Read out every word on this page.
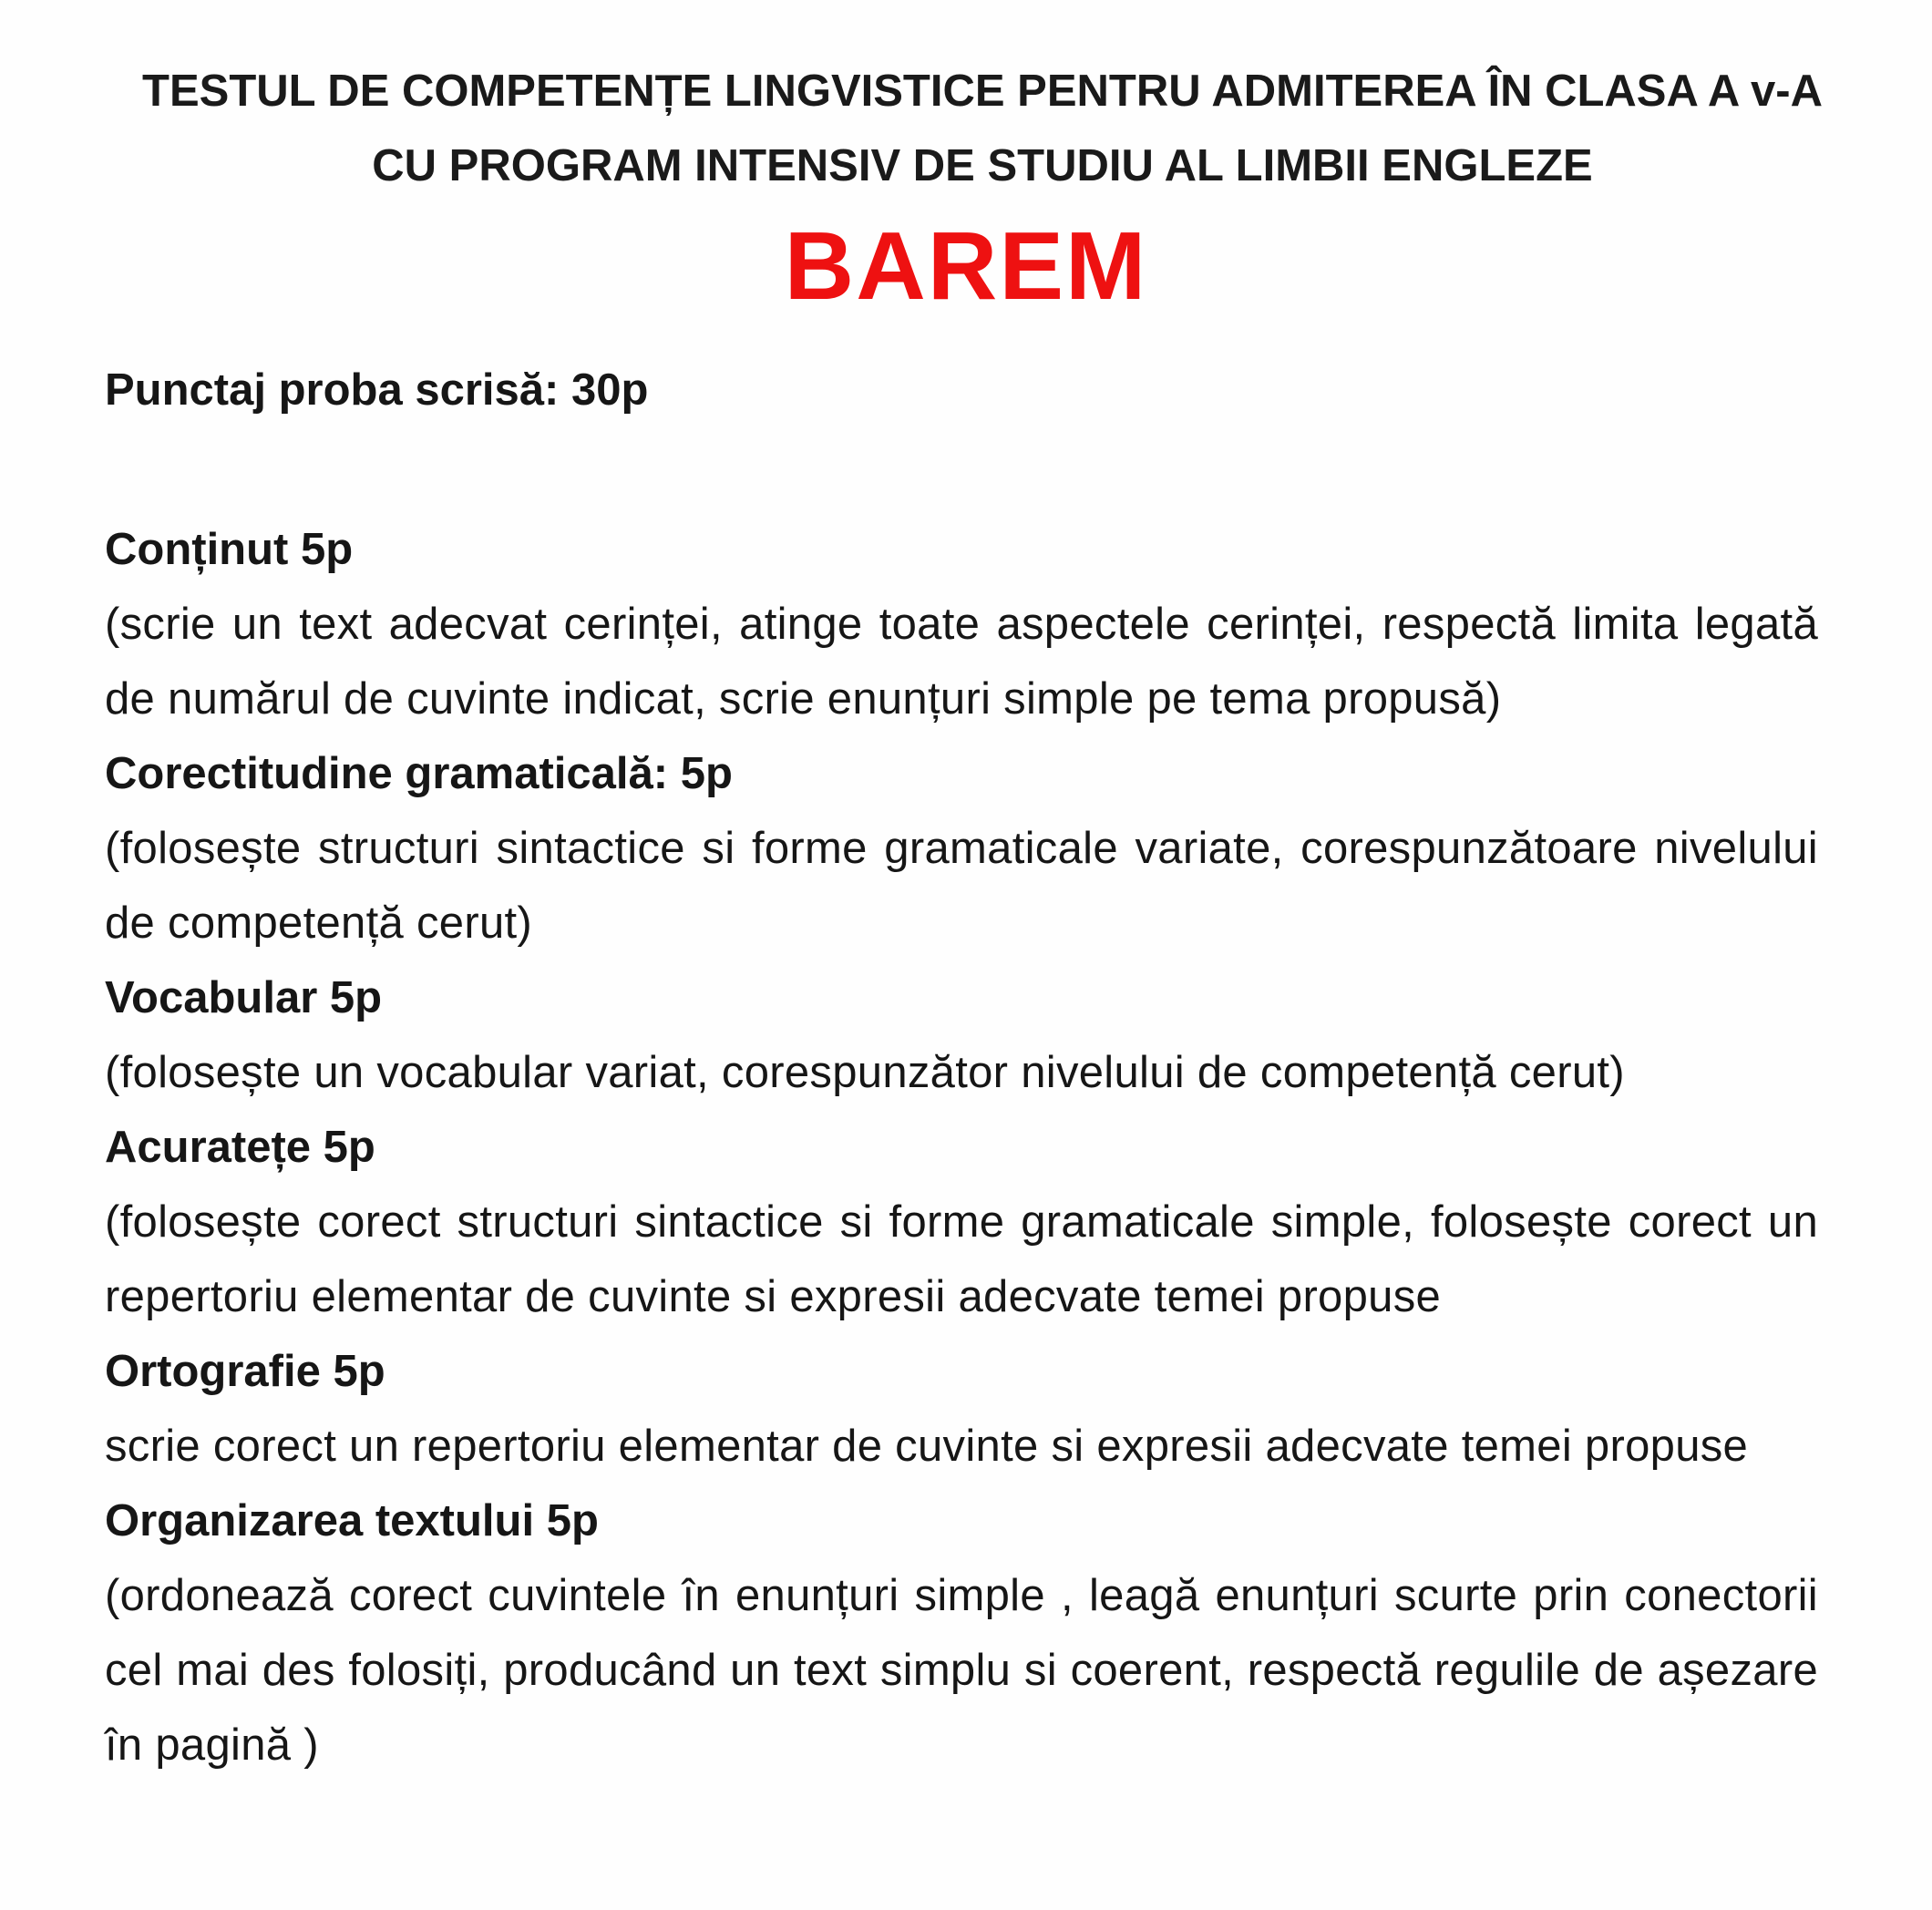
TESTUL DE COMPETENȚE LINGVISTICE PENTRU ADMITEREA ÎN CLASA A v-A
CU PROGRAM INTENSIV DE STUDIU AL LIMBII ENGLEZE
BAREM
Punctaj proba scrisă: 30p
Conținut 5p
(scrie un text adecvat cerinței, atinge toate aspectele cerinței, respectă limita legată de numărul de cuvinte indicat, scrie enunțuri simple pe tema propusă)
Corectitudine gramaticală: 5p
(folosește structuri sintactice si forme gramaticale variate, corespunzătoare nivelului de competență cerut)
Vocabular 5p
(folosește un vocabular variat, corespunzător nivelului de competență cerut)
Acuratețe 5p
(folosește corect structuri sintactice si forme gramaticale simple, folosește corect un repertoriu elementar de cuvinte si expresii adecvate temei propuse
Ortografie 5p
scrie corect un repertoriu elementar de cuvinte si expresii adecvate temei propuse
Organizarea textului 5p
(ordonează corect cuvintele în enunțuri simple , leagă enunțuri scurte prin conectorii cel mai des folosiți, producând un text simplu si coerent, respectă regulile de așezare în pagină )
